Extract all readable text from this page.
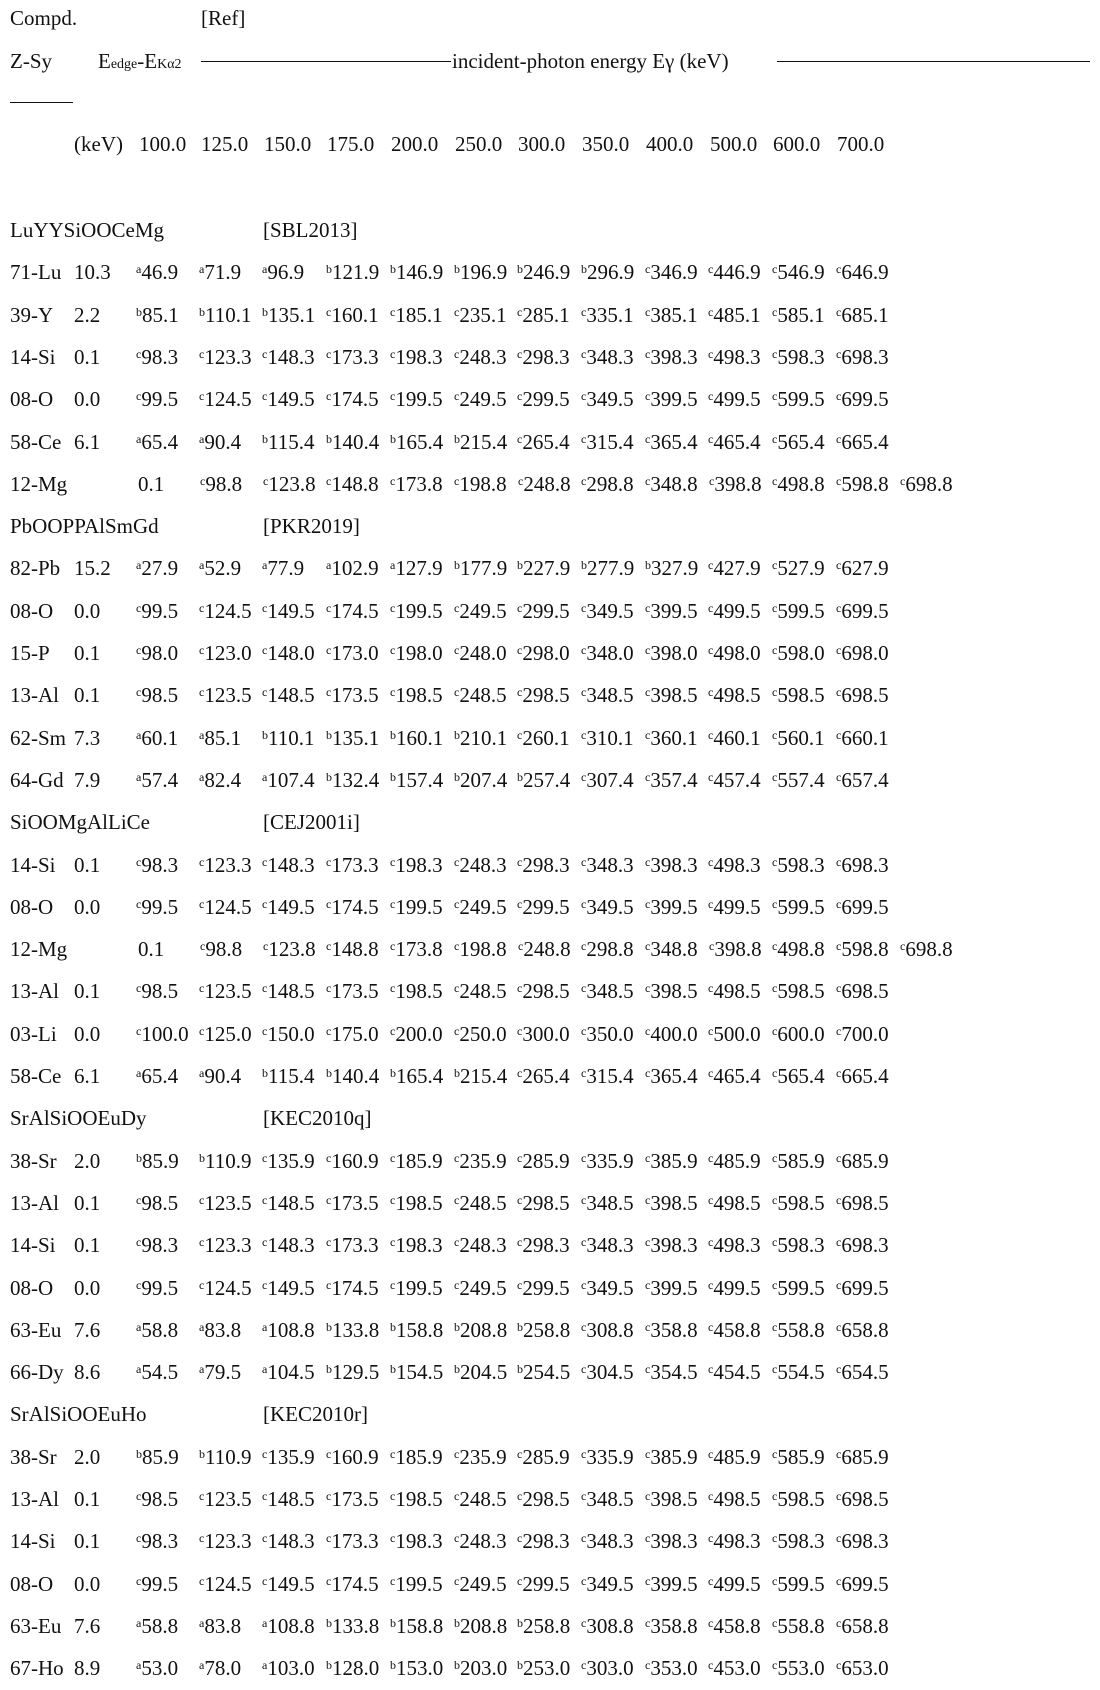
Compd.	[Ref]
Z-Sy Eedge-EKα2	incident-photon energy Eγ (keV)
(keV) 100.0 125.0 150.0 175.0 200.0 250.0 300.0 350.0 400.0 500.0 600.0 700.0
LuYYSiOOCeMg	[SBL2013]
71-Lu 10.3 $^a$46.9 $^a$71.9 $^a$96.9 $^b$121.9 $^b$146.9 $^b$196.9 $^b$246.9 $^b$296.9 $^c$346.9 $^c$446.9 $^c$546.9 $^c$646.9
39-Y 2.2	$^b$85.1 $^b$110.1 $^b$135.1 $^c$160.1 $^c$185.1 $^c$235.1 $^c$285.1 $^c$335.1 $^c$385.1 $^c$485.1 $^c$585.1 $^c$685.1
14-Si 0.1	$^c$98.3 $^c$123.3 $^c$148.3 $^c$173.3 $^c$198.3 $^c$248.3 $^c$298.3 $^c$348.3 $^c$398.3 $^c$498.3 $^c$598.3 $^c$698.3
08-O 0.0	$^c$99.5 $^c$124.5 $^c$149.5 $^c$174.5 $^c$199.5 $^c$249.5 $^c$299.5 $^c$349.5 $^c$399.5 $^c$499.5 $^c$599.5 $^c$699.5
58-Ce 6.1	$^a$65.4 $^a$90.4 $^b$115.4 $^b$140.4 $^b$165.4 $^b$215.4 $^c$265.4 $^c$315.4 $^c$365.4 $^c$465.4 $^c$565.4 $^c$665.4
12-Mg	0.1	$^c$98.8 $^c$123.8 $^c$148.8 $^c$173.8 $^c$198.8 $^c$248.8 $^c$298.8 $^c$348.8 $^c$398.8 $^c$498.8 $^c$598.8 $^c$698.8
PbOOPPAlSmGd	[PKR2019]
82-Pb 15.2 $^a$27.9 $^a$52.9 $^a$77.9 $^a$102.9 $^a$127.9 $^b$177.9 $^b$227.9 $^b$277.9 $^b$327.9 $^c$427.9 $^c$527.9 $^c$627.9
08-O 0.0	$^c$99.5 $^c$124.5 $^c$149.5 $^c$174.5 $^c$199.5 $^c$249.5 $^c$299.5 $^c$349.5 $^c$399.5 $^c$499.5 $^c$599.5 $^c$699.5
15-P 0.1	$^c$98.0 $^c$123.0 $^c$148.0 $^c$173.0 $^c$198.0 $^c$248.0 $^c$298.0 $^c$348.0 $^c$398.0 $^c$498.0 $^c$598.0 $^c$698.0
13-Al 0.1	$^c$98.5 $^c$123.5 $^c$148.5 $^c$173.5 $^c$198.5 $^c$248.5 $^c$298.5 $^c$348.5 $^c$398.5 $^c$498.5 $^c$598.5 $^c$698.5
62-Sm 7.3	$^a$60.1 $^a$85.1 $^b$110.1 $^b$135.1 $^b$160.1 $^b$210.1 $^c$260.1 $^c$310.1 $^c$360.1 $^c$460.1 $^c$560.1 $^c$660.1
64-Gd 7.9	$^a$57.4 $^a$82.4 $^a$107.4 $^b$132.4 $^b$157.4 $^b$207.4 $^b$257.4 $^c$307.4 $^c$357.4 $^c$457.4 $^c$557.4 $^c$657.4
SiOOMgAlLiCe	[CEJ2001i]
14-Si 0.1	$^c$98.3 $^c$123.3 $^c$148.3 $^c$173.3 $^c$198.3 $^c$248.3 $^c$298.3 $^c$348.3 $^c$398.3 $^c$498.3 $^c$598.3 $^c$698.3
08-O 0.0	$^c$99.5 $^c$124.5 $^c$149.5 $^c$174.5 $^c$199.5 $^c$249.5 $^c$299.5 $^c$349.5 $^c$399.5 $^c$499.5 $^c$599.5 $^c$699.5
12-Mg	0.1	$^c$98.8 $^c$123.8 $^c$148.8 $^c$173.8 $^c$198.8 $^c$248.8 $^c$298.8 $^c$348.8 $^c$398.8 $^c$498.8 $^c$598.8 $^c$698.8
13-Al 0.1	$^c$98.5 $^c$123.5 $^c$148.5 $^c$173.5 $^c$198.5 $^c$248.5 $^c$298.5 $^c$348.5 $^c$398.5 $^c$498.5 $^c$598.5 $^c$698.5
03-Li 0.0	$^c$100.0 $^c$125.0 $^c$150.0 $^c$175.0 $^c$200.0 $^c$250.0 $^c$300.0 $^c$350.0 $^c$400.0 $^c$500.0 $^c$600.0 $^c$700.0
58-Ce 6.1	$^a$65.4 $^a$90.4 $^b$115.4 $^b$140.4 $^b$165.4 $^b$215.4 $^c$265.4 $^c$315.4 $^c$365.4 $^c$465.4 $^c$565.4 $^c$665.4
SrAlSiOOEuDy	[KEC2010q]
38-Sr 2.0	$^b$85.9 $^b$110.9 $^c$135.9 $^c$160.9 $^c$185.9 $^c$235.9 $^c$285.9 $^c$335.9 $^c$385.9 $^c$485.9 $^c$585.9 $^c$685.9
13-Al 0.1	$^c$98.5 $^c$123.5 $^c$148.5 $^c$173.5 $^c$198.5 $^c$248.5 $^c$298.5 $^c$348.5 $^c$398.5 $^c$498.5 $^c$598.5 $^c$698.5
14-Si 0.1	$^c$98.3 $^c$123.3 $^c$148.3 $^c$173.3 $^c$198.3 $^c$248.3 $^c$298.3 $^c$348.3 $^c$398.3 $^c$498.3 $^c$598.3 $^c$698.3
08-O 0.0	$^c$99.5 $^c$124.5 $^c$149.5 $^c$174.5 $^c$199.5 $^c$249.5 $^c$299.5 $^c$349.5 $^c$399.5 $^c$499.5 $^c$599.5 $^c$699.5
63-Eu 7.6	$^a$58.8 $^a$83.8 $^a$108.8 $^b$133.8 $^b$158.8 $^b$208.8 $^b$258.8 $^c$308.8 $^c$358.8 $^c$458.8 $^c$558.8 $^c$658.8
66-Dy 8.6	$^a$54.5 $^a$79.5 $^a$104.5 $^b$129.5 $^b$154.5 $^b$204.5 $^b$254.5 $^c$304.5 $^c$354.5 $^c$454.5 $^c$554.5 $^c$654.5
SrAlSiOOEuHo	[KEC2010r]
38-Sr 2.0	$^b$85.9 $^b$110.9 $^c$135.9 $^c$160.9 $^c$185.9 $^c$235.9 $^c$285.9 $^c$335.9 $^c$385.9 $^c$485.9 $^c$585.9 $^c$685.9
13-Al 0.1	$^c$98.5 $^c$123.5 $^c$148.5 $^c$173.5 $^c$198.5 $^c$248.5 $^c$298.5 $^c$348.5 $^c$398.5 $^c$498.5 $^c$598.5 $^c$698.5
14-Si 0.1	$^c$98.3 $^c$123.3 $^c$148.3 $^c$173.3 $^c$198.3 $^c$248.3 $^c$298.3 $^c$348.3 $^c$398.3 $^c$498.3 $^c$598.3 $^c$698.3
08-O 0.0	$^c$99.5 $^c$124.5 $^c$149.5 $^c$174.5 $^c$199.5 $^c$249.5 $^c$299.5 $^c$349.5 $^c$399.5 $^c$499.5 $^c$599.5 $^c$699.5
63-Eu 7.6	$^a$58.8 $^a$83.8 $^a$108.8 $^b$133.8 $^b$158.8 $^b$208.8 $^b$258.8 $^c$308.8 $^c$358.8 $^c$458.8 $^c$558.8 $^c$658.8
67-Ho 8.9	$^a$53.0 $^a$78.0 $^a$103.0 $^b$128.0 $^b$153.0 $^b$203.0 $^b$253.0 $^c$303.0 $^c$353.0 $^c$453.0 $^c$553.0 $^c$653.0
